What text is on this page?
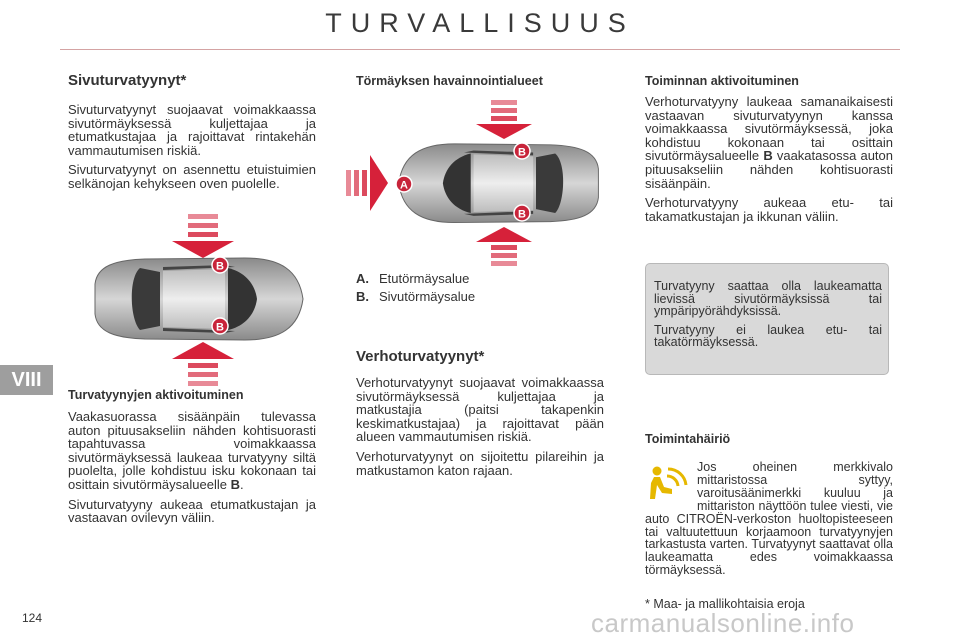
TURVALLISUUS
VIII
Sivuturvatyynyt*

Sivuturvatyynyt suojaavat voimakkaassa sivutörmäyksessä kuljettajaa ja etumatkustajaa ja rajoittavat rintakehän vammautumisen riskiä.

Sivuturvatyynyt on asennettu etuistuimien selkänojan kehykseen oven puolelle.

B
B
Turvatyynyjen aktivoituminen

Vaakasuorassa sisäänpäin tulevassa auton pituusakseliin nähden kohtisuorasti tapahtuvassa voimakkaassa sivutörmäyksessä laukeaa turvatyyny siltä puolelta, jolle kohdistuu isku kokonaan tai osittain sivutörmäysalueelle B.

Sivuturvatyyny aukeaa etumatkustajan ja vastaavan ovilevyn väliin.

Törmäyksen havainnointialueet
A
B
B
A. Etutörmäysalue
B. Sivutörmäysalue
Verhoturvatyynyt*

Verhoturvatyynyt suojaavat voimakkaassa sivutörmäyksessä kuljettajaa ja matkustajia (paitsi takapenkin keskimatkustajaa) ja rajoittavat pään alueen vammautumisen riskiä.

Verhoturvatyynyt on sijoitettu pilareihin ja matkustamon katon rajaan.

Toiminnan aktivoituminen

Verhoturvatyyny laukeaa samanaikaisesti vastaavan sivuturvatyynyn kanssa voimakkaassa sivutörmäyksessä, joka kohdistuu kokonaan tai osittain sivutörmäysalueelle B vaakatasossa auton pituusakseliin nähden kohtisuorasti sisäänpäin.

Verhoturvatyyny aukeaa etu- tai takamatkustajan ja ikkunan väliin.

Turvatyyny saattaa olla laukeamatta lievissä sivutörmäyksissä tai ympäripyörähdyksissä.

Turvatyyny ei laukea etu- tai takatörmäyksessä.

Toimintahäiriö

Jos oheinen merkkivalo mittaristossa syttyy, varoitusäänimerkki kuuluu ja mittariston näyttöön tulee viesti, vie auto CITROËN-verkoston huoltopisteeseen tai valtuutettuun korjaamoon turvatyynyjen tarkastusta varten. Turvatyynyt saattavat olla laukeamatta edes voimakkaassa törmäyksessä.

* Maa- ja mallikohtaisia eroja
124	carmanualsonline.info
